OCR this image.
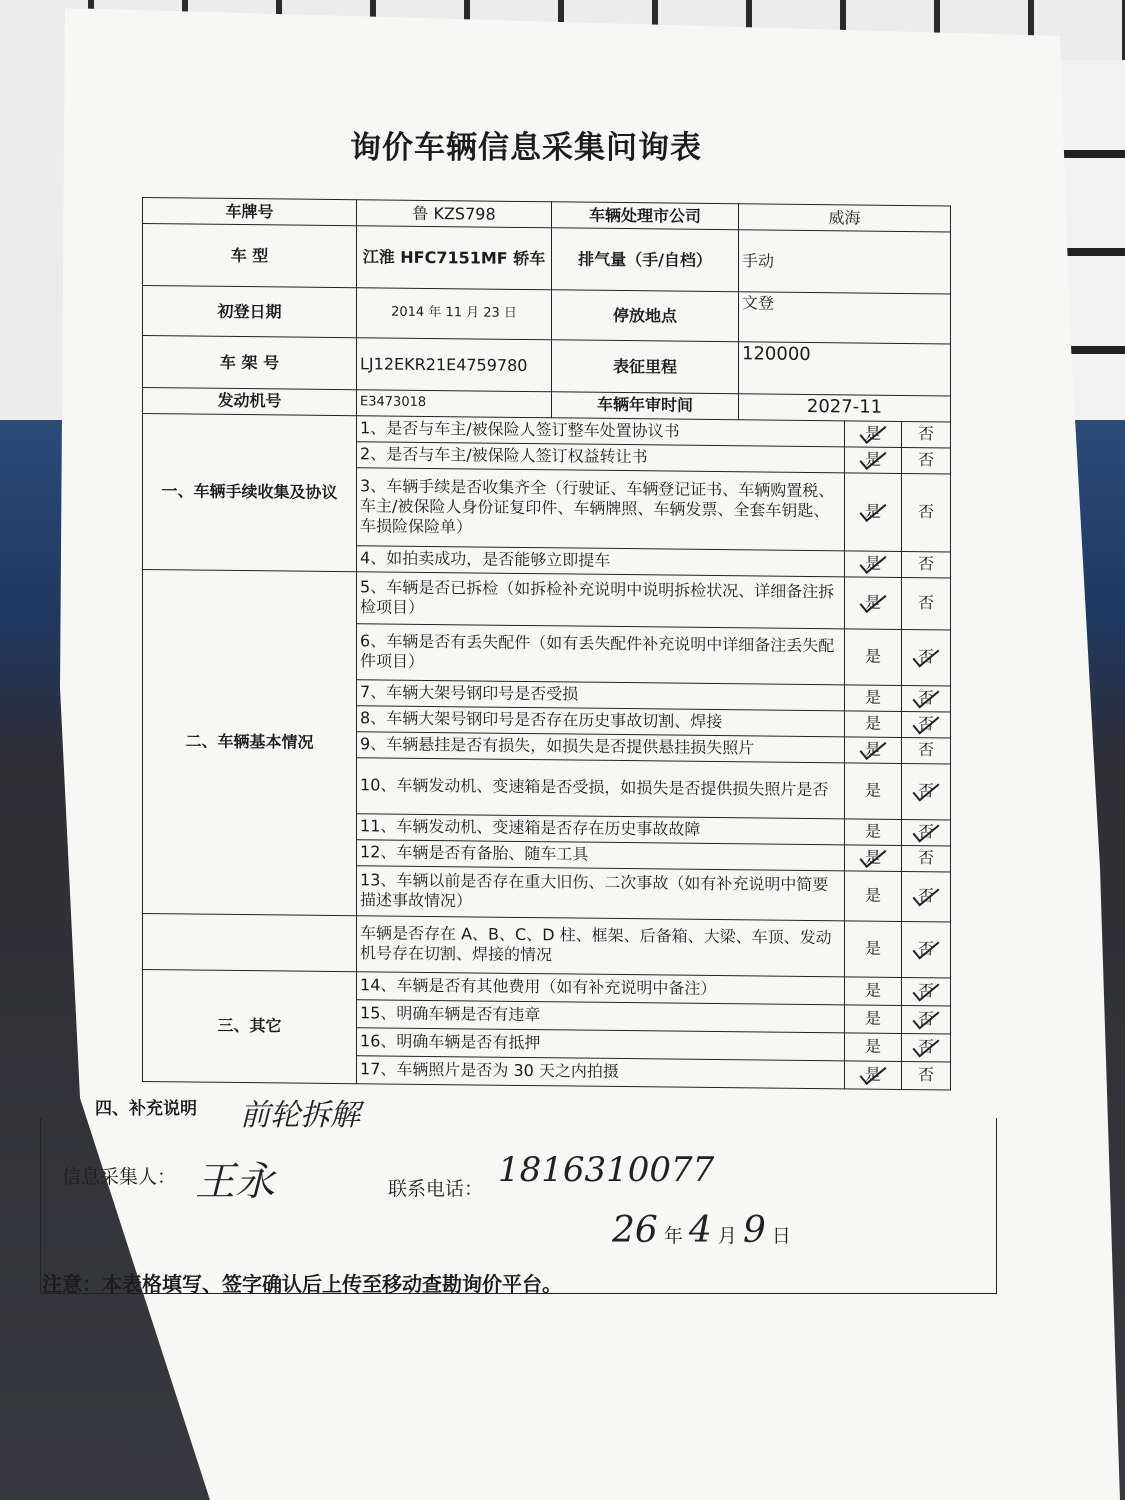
询价车辆信息采集问询表
车牌号	鲁 KZS798	车辆处理市公司	威海		
车 型	江淮 HFC7151MF 轿车	排气量（手/自档）	手动		
初登日期	2014 年 11 月 23 日	停放地点	文登		
车 架 号	LJ12EKR21E4759780	表征里程	120000		
发动机号	E3473018	车辆年审时间	2027-11		
一、车辆手续收集及协议	1、是否与车主/被保险人签订整车处置协议书			是	否
	2、是否与车主/被保险人签订权益转让书			是	否
	3、车辆手续是否收集齐全（行驶证、车辆登记证书、车辆购置税、车主/被保险人身份证复印件、车辆牌照、车辆发票、全套车钥匙、车损险保险单）			是	否
	4、如拍卖成功，是否能够立即提车			是	否
二、车辆基本情况	5、车辆是否已拆检（如拆检补充说明中说明拆检状况、详细备注拆检项目）			是	否
	6、车辆是否有丢失配件（如有丢失配件补充说明中详细备注丢失配件项目）			是	否
	7、车辆大架号钢印号是否受损			是	否
	8、车辆大架号钢印号是否存在历史事故切割、焊接			是	否
	9、车辆悬挂是否有损失，如损失是否提供悬挂损失照片			是	否
	10、车辆发动机、变速箱是否受损，如损失是否提供损失照片是否			是	否
	11、车辆发动机、变速箱是否存在历史事故故障			是	否
	12、车辆是否有备胎、随车工具			是	否
	13、车辆以前是否存在重大旧伤、二次事故（如有补充说明中简要描述事故情况）			是	否
	车辆是否存在 A、B、C、D 柱、框架、后备箱、大梁、车顶、发动机号存在切割、焊接的情况			是	否
三、其它	14、车辆是否有其他费用（如有补充说明中备注）			是	否
	15、明确车辆是否有违章			是	否
	16、明确车辆是否有抵押			是	否
	17、车辆照片是否为 30 天之内拍摄			是	否
四、补充说明 前轮拆解
信息采集人： 王永	联系电话： 1816310077
26 年 4 月 9 日
注意：本表格填写、签字确认后上传至移动查勘询价平台。
